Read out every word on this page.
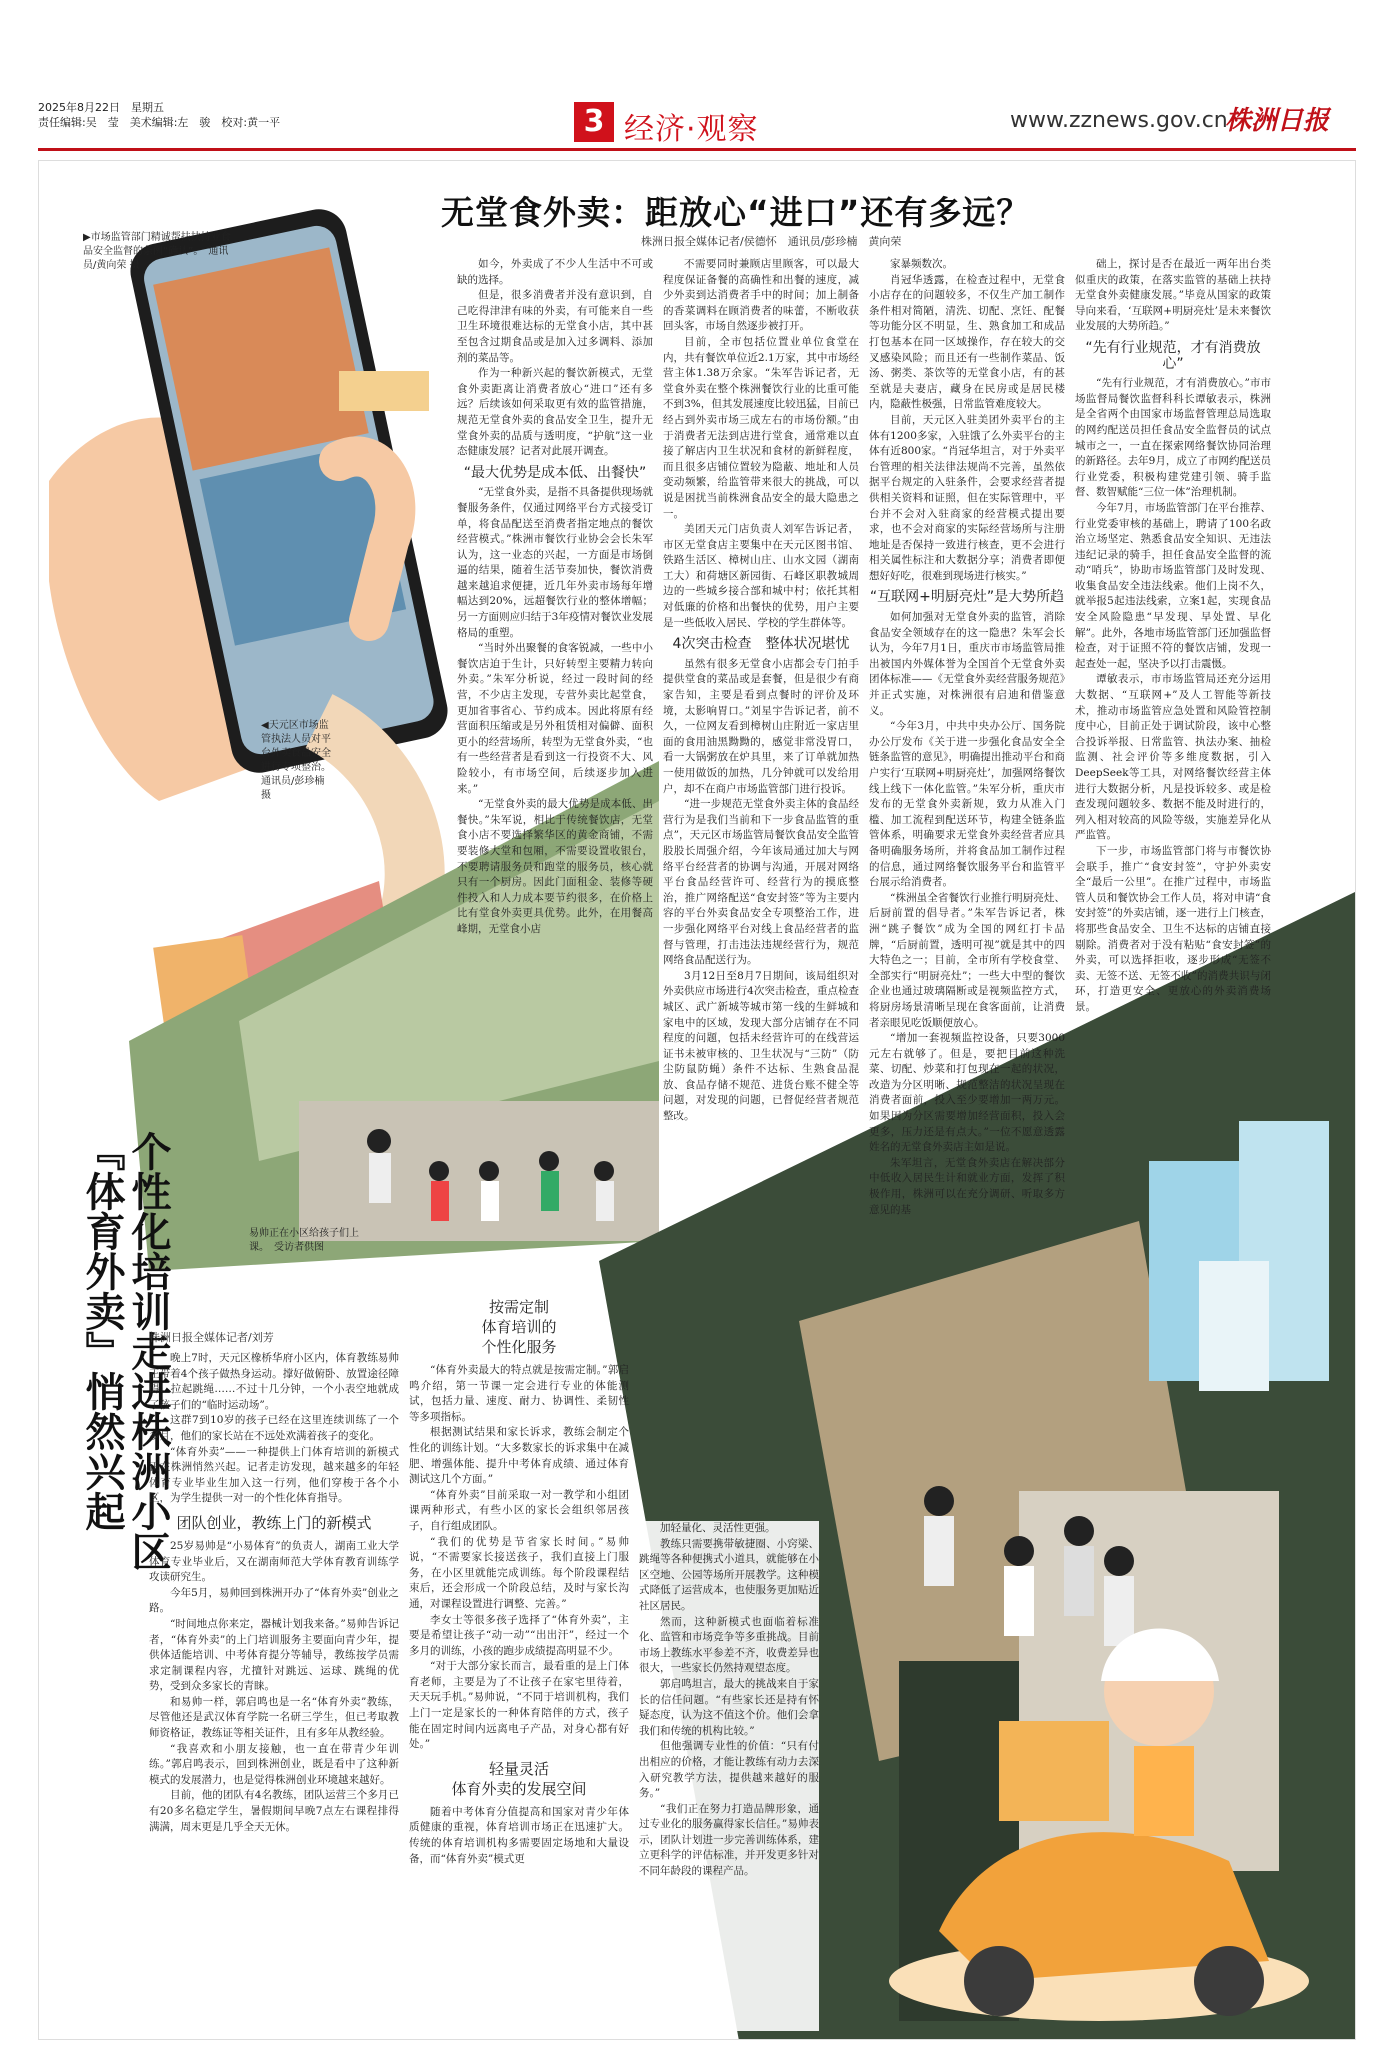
2025年8月22日　星期五
责任编辑:吴　莹　美术编辑:左　骏　校对:黄一平	3 经济·观察	www.zznews.gov.cn
株洲日报
无堂食外卖：距放心“进口”还有多远？
株洲日报全媒体记者/侯德怀　通讯员/彭珍楠　黄向荣
▶市场监管部门精诚帮扶扶持业食品安全监督的条例“确认”。　通讯员/黄向荣 摄
◀天元区市场监管执法人员对平台外卖食品安全进行专项整治。　通讯员/彭珍楠 摄

如今，外卖成了不少人生活中不可或缺的选择。

但是，很多消费者并没有意识到，自己吃得津津有味的外卖，有可能来自一些卫生环境很难达标的无堂食小店，其中甚至包含过期食品或是加入过多调料、添加剂的菜品等。

作为一种新兴起的餐饮新模式，无堂食外卖距离让消费者放心“进口”还有多远？后续该如何采取更有效的监管措施，规范无堂食外卖的食品安全卫生，提升无堂食外卖的品质与透明度，“护航”这一业态健康发展？记者对此展开调查。

“最大优势是成本低、出餐快”

“无堂食外卖，是指不具备提供现场就餐服务条件，仅通过网络平台方式接受订单，将食品配送至消费者指定地点的餐饮经营模式。”株洲市餐饮行业协会会长朱军认为，这一业态的兴起，一方面是市场倒逼的结果，随着生活节奏加快，餐饮消费越来越追求便捷，近几年外卖市场每年增幅达到20%，远超餐饮行业的整体增幅；另一方面则应归结于3年疫情对餐饮业发展格局的重塑。

“当时外出聚餐的食客锐减，一些中小餐饮店迫于生计，只好转型主要精力转向外卖。”朱军分析说，经过一段时间的经营，不少店主发现，专营外卖比起堂食，更加省事省心、节约成本。因此将原有经营面积压缩或是另外租赁相对偏僻、面积更小的经营场所，转型为无堂食外卖，“也有一些经营者是看到这一行投资不大、风险较小，有市场空间，后续逐步加入进来。”

“无堂食外卖的最大优势是成本低、出餐快。”朱军说，相比于传统餐饮店，无堂食小店不要选择繁华区的黄金商铺，不需要装修大堂和包厢，不需要设置收银台，不要聘请服务员和跑堂的服务员，核心就只有一个厨房。因此门面租金、装修等硬件投入和人力成本要节约很多，在价格上比有堂食外卖更具优势。此外，在用餐高峰期，无堂食小店

不需要同时兼顾店里顾客，可以最大程度保证备餐的高确性和出餐的速度，减少外卖到达消费者手中的时间；加上制备的香菜调料在顾消费者的味蕾，不断收获回头客，市场自然逐步被打开。

目前，全市包括位置业单位食堂在内，共有餐饮单位近2.1万家，其中市场经营主体1.38万余家。“朱军告诉记者，无堂食外卖在整个株洲餐饮行业的比重可能不到3%，但其发展速度比较迅猛，目前已经占到外卖市场三成左右的市场份额。”由于消费者无法到店进行堂食，通常难以直接了解店内卫生状况和食材的新鲜程度，而且很多店铺位置较为隐蔽、地址和人员变动频繁，给监管带来很大的挑战，可以说是困扰当前株洲食品安全的最大隐患之一。

美团天元门店负责人刘军告诉记者，市区无堂食店主要集中在天元区图书馆、铁路生活区、樟树山庄、山水文园（湖南工大）和荷塘区新园街、石峰区职教城周边的一些城乡接合部和城中村；依托其相对低廉的价格和出餐快的优势，用户主要是一些低收入居民、学校的学生群体等。

4次突击检查　整体状况堪忧

虽然有很多无堂食小店都会专门拍手提供堂食的菜品或是套餐，但是很少有商家告知，主要是看到点餐时的评价及环境，太影响胃口。”刘星宇告诉记者，前不久，一位网友看到樟树山庄附近一家店里面的食用油黑黝黝的，感觉非常没胃口，看一大锅粥放在炉具里，来了订单就加热一使用做饭的加热，几分钟就可以发给用户，却不在商户市场监管部门进行投诉。

“进一步规范无堂食外卖主体的食品经营行为是我们当前和下一步食品监管的重点”，天元区市场监管局餐饮食品安全监管股股长周强介绍，今年该局通过加大与网络平台经营者的协调与沟通，开展对网络平台食品经营许可、经营行为的摸底整治，推广网络配送“食安封签”等为主要内容的平台外卖食品安全专项整治工作，进一步强化网络平台对线上食品经营者的监督与管理，打击违法违规经营行为，规范网络食品配送行为。

3月12日至8月7日期间，该局组织对外卖供应市场进行4次突击检查，重点检查城区、武广新城等城市第一线的生鲜城和家电中的区域，发现大部分店铺存在不同程度的问题，包括未经营许可的在线营运证书未被审核的、卫生状况与“三防”（防尘防鼠防蝇）条件不达标、生熟食品混放、食品存储不规范、进货台账不健全等问题，对发现的问题，已督促经营者规范整改。

家暴频数次。

肖冠华透露，在检查过程中，无堂食小店存在的问题较多，不仅生产加工制作条件相对简陋，清洗、切配、烹饪、配餐等功能分区不明显，生、熟食加工和成品打包基本在同一区域操作，存在较大的交叉感染风险；而且还有一些制作菜品、饭汤、粥类、茶饮等的无堂食小店，有的甚至就是夫妻店，藏身在民房或是居民楼内，隐蔽性极强，日常监管难度较大。

目前，天元区入驻美团外卖平台的主体有1200多家，入驻饿了么外卖平台的主体有近800家。“肖冠华坦言，对于外卖平台管理的相关法律法规尚不完善，虽然依据平台规定的入驻条件，会要求经营者提供相关资料和证照，但在实际管理中，平台并不会对入驻商家的经营模式提出要求，也不会对商家的实际经营场所与注册地址是否保持一致进行核查，更不会进行相关属性标注和大数据分享；消费者即便想好好吃，很难到现场进行核实。”

“互联网+明厨亮灶”是大势所趋

如何加强对无堂食外卖的监管，消除食品安全领域存在的这一隐患？朱军会长认为，今年7月1日，重庆市市场监管局推出被国内外媒体誉为全国首个无堂食外卖团体标准——《无堂食外卖经营服务规范》并正式实施，对株洲很有启迪和借鉴意义。

“今年3月，中共中央办公厅、国务院办公厅发布《关于进一步强化食品安全全链条监管的意见》，明确提出推动平台和商户实行‘互联网+明厨亮灶’，加强网络餐饮线上线下一体化监管。”朱军分析，重庆市发布的无堂食外卖新规，致力从准入门槛、加工流程到配送环节，构建全链条监管体系，明确要求无堂食外卖经营者应具备明确服务场所，并将食品加工制作过程的信息，通过网络餐饮服务平台和监管平台展示给消费者。

“株洲虽全省餐饮行业推行明厨亮灶、后厨前置的倡导者。”朱军告诉记者，株洲“跳子餐饮”成为全国的网红打卡品牌，“后厨前置，透明可视”就是其中的四大特色之一；目前，全市所有学校食堂、全部实行“明厨亮灶”；一些大中型的餐饮企业也通过玻璃隔断或是视频监控方式，将厨房场景清晰呈现在食客面前，让消费者亲眼见吃饭顺便放心。

“增加一套视频监控设备，只要3000元左右就够了。但是，要把目前这种洗菜、切配、炒菜和打包现在一起的状况，改造为分区明晰、规范整洁的状况呈现在消费者面前，投入至少要增加一两万元。如果因为分区需要增加经营面积，投入会更多，压力还是有点大。”一位不愿意透露姓名的无堂食外卖店主如是说。

朱军坦言，无堂食外卖店在解决部分中低收入居民生计和就业方面，发挥了积极作用，株洲可以在充分调研、听取多方意见的基

础上，探讨是否在最近一两年出台类似重庆的政策，在落实监管的基础上扶持无堂食外卖健康发展。”毕竟从国家的政策导向来看，‘互联网+明厨亮灶’是未来餐饮业发展的大势所趋。”

“先有行业规范，才有消费放心”

“先有行业规范，才有消费放心。”市市场监督局餐饮监督科科长谭敏表示，株洲是全省两个由国家市场监督管理总局选取的网约配送员担任食品安全监督员的试点城市之一，一直在探索网络餐饮协同治理的新路径。去年9月，成立了市网约配送员行业党委，积极构建党建引领、骑手监督、数智赋能“三位一体”治理机制。

今年7月，市场监管部门在平台推荐、行业党委审核的基础上，聘请了100名政治立场坚定、熟悉食品安全知识、无违法违纪记录的骑手，担任食品安全监督的流动“哨兵”，协助市场监管部门及时发现、收集食品安全违法线索。他们上岗不久，就举报5起违法线索，立案1起，实现食品安全风险隐患“早发现、早处置、早化解”。此外，各地市场监管部门还加强监督检查，对于证照不符的餐饮店铺，发现一起查处一起，坚决予以打击震慑。

谭敏表示，市市场监管局还充分运用大数据、“互联网+”及人工智能等新技术，推动市场监管应急处置和风险管控制度中心，目前正处于调试阶段，该中心整合投诉举报、日常监管、执法办案、抽检监测、社会评价等多维度数据，引入DeepSeek等工具，对网络餐饮经营主体进行大数据分析，凡是投诉较多、或是检查发现问题较多、数据不能及时进行的，列入相对较高的风险等级，实施差异化从严监管。

下一步，市场监管部门将与市餐饮协会联手，推广“食安封签”，守护外卖安全“最后一公里”。在推广过程中，市场监管人员和餐饮协会工作人员，将对申请“食安封签”的外卖店铺，逐一进行上门核查，将那些食品安全、卫生不达标的店铺直接剔除。消费者对于没有粘贴“食安封签”的外卖，可以选择拒收，逐步形成“无签不卖、无签不送、无签不收”的消费共识与闭环，打造更安全、更放心的外卖消费场景。

个性化培训走进株洲小区 『体育外卖』悄然兴起	易帅正在小区给孩子们上课。　受访者供图
株洲日报全媒体记者/刘芳

晚上7时，天元区橡桥华府小区内，体育教练易帅正带着4个孩子做热身运动。撑好做俯卧、放置途径障碍、拉起跳绳……不过十几分钟，一个小表空地就成了孩子们的“临时运动场”。

这群7到10岁的孩子已经在这里连续训练了一个多月，他们的家长站在不远处欢满着孩子的变化。

“体育外卖”——一种提供上门体育培训的新模式正在株洲悄然兴起。记者走访发现，越来越多的年轻体育专业毕业生加入这一行列，他们穿梭于各个小区，为学生提供一对一的个性化体育指导。

团队创业，教练上门的新模式

25岁易帅是“小易体育”的负责人，湖南工业大学体育专业毕业后，又在湖南师范大学体育教育训练学攻读研究生。

今年5月，易帅回到株洲开办了“体育外卖”创业之路。

“时间地点你来定，器械计划我来备。”易帅告诉记者，“体育外卖”的上门培训服务主要面向青少年，提供体适能培训、中考体育提分等辅导，教练按学员需求定制课程内容，尤擅针对跳远、运球、跳绳的优势，受到众多家长的青睐。

和易帅一样，郭启鸣也是一名“体育外卖”教练，尽管他还是武汉体育学院一名研三学生，但已考取教师资格证，教练证等相关证件，且有多年从教经验。

“我喜欢和小朋友接触，也一直在带青少年训练。”郭启鸣表示，回到株洲创业，既是看中了这种新模式的发展潜力，也是觉得株洲创业环境越来越好。

目前，他的团队有4名教练，团队运营三个多月已有20多名稳定学生，暑假期间早晚7点左右课程排得满满，周末更是几乎全天无休。

按需定制
体育培训的
个性化服务

“体育外卖最大的特点就是按需定制。”郭启鸣介绍，第一节课一定会进行专业的体能测试，包括力量、速度、耐力、协调性、柔韧性等多项指标。

根据测试结果和家长诉求，教练会制定个性化的训练计划。“大多数家长的诉求集中在减肥、增强体能、提升中考体育成绩、通过体育测试这几个方面。”

“体育外卖”目前采取一对一教学和小组团课两种形式，有些小区的家长会组织邻居孩子，自行组成团队。

“我们的优势是节省家长时间。”易帅说，“不需要家长接送孩子，我们直接上门服务，在小区里就能完成训练。每个阶段课程结束后，还会形成一个阶段总结，及时与家长沟通，对课程设置进行调整、完善。”

李女士等很多孩子选择了“体育外卖”，主要是希望让孩子“动一动”“出出汗”，经过一个多月的训练，小孩的跑步成绩提高明显不少。

“对于大部分家长而言，最看重的是上门体育老师，主要是为了不让孩子在家宅里待着，天天玩手机。”易帅说，“不同于培训机构，我们上门一定是家长的一种体育陪伴的方式，孩子能在固定时间内远离电子产品，对身心都有好处。”

轻量灵活
体育外卖的发展空间

随着中考体育分值提高和国家对青少年体质健康的重视，体育培训市场正在迅速扩大。传统的体育培训机构多需要固定场地和大量设备，而“体育外卖”模式更

加轻量化、灵活性更强。

教练只需要携带敏捷圈、小窍梁、跳绳等各种便携式小道具，就能够在小区空地、公园等场所开展教学。这种模式降低了运营成本，也使服务更加贴近社区居民。

然而，这种新模式也面临着标准化、监管和市场竞争等多重挑战。目前市场上教练水平参差不齐，收费差异也很大，一些家长仍然持观望态度。

郭启鸣坦言，最大的挑战来自于家长的信任问题。“有些家长还是持有怀疑态度，认为这不值这个价。他们会拿我们和传统的机构比较。”

但他强调专业性的价值：“只有付出相应的价格，才能让教练有动力去深入研究教学方法，提供越来越好的服务。”

“我们正在努力打造品牌形象，通过专业化的服务赢得家长信任。”易帅表示，团队计划进一步完善训练体系，建立更科学的评估标准，并开发更多针对不同年龄段的课程产品。
